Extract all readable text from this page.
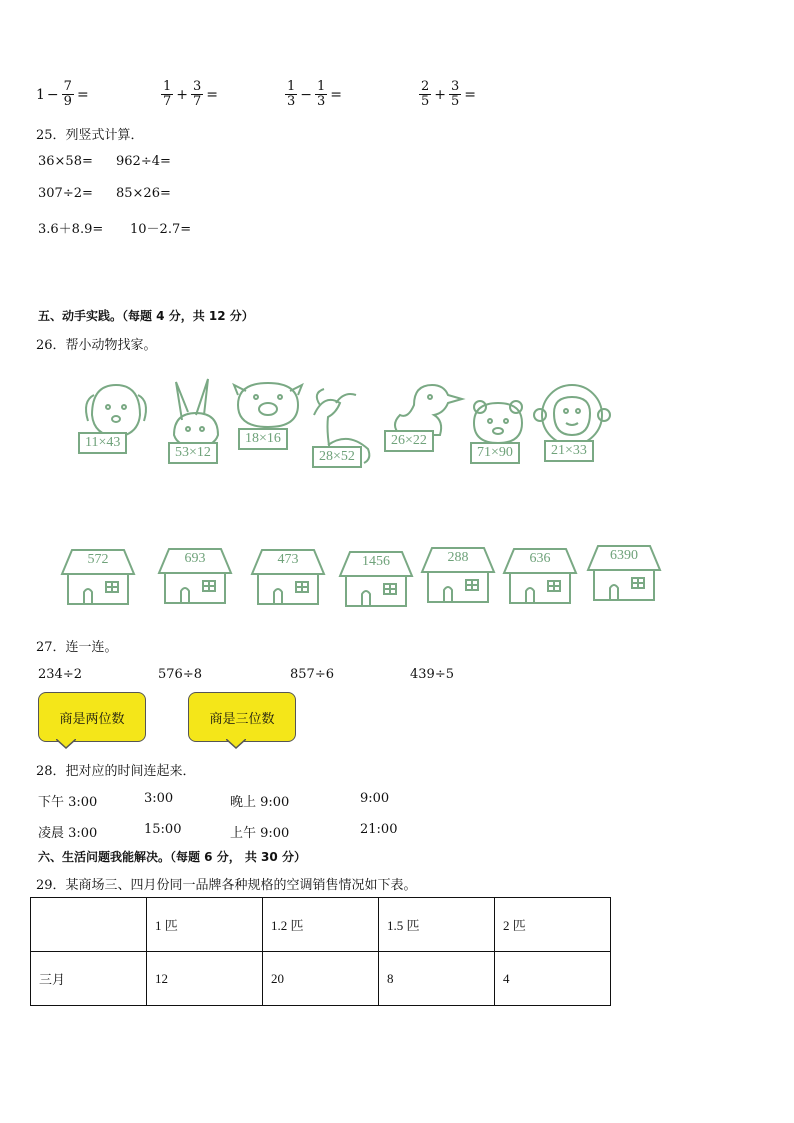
$1 - \frac{7}{9}$ =	$\frac{1}{7} + \frac{3}{7}$ =	$\frac{1}{3} - \frac{1}{3}$ =	$\frac{2}{5} + \frac{3}{5}$ =
25．列竖式计算．
36×58= 962÷4=
307÷2= 85×26=
3.6＋8.9= 10－2.7=
五、动手实践。（每题 4 分，共 12 分）
26．帮小动物找家。
11×43
53×12
18×16
28×52
26×22
71×90	21×33
572	693	473	1456	288	636	6390
27．连一连。
234÷2	576÷8	857÷6	439÷5
商是两位数	商是三位数
28．把对应的时间连起来．
下午 3:00	3:00	晚上 9:00	9:00
凌晨 3:00	15:00	上午 9:00	21:00
六、生活问题我能解决。（每题 6 分， 共 30 分）
29．某商场三、四月份同一品牌各种规格的空调销售情况如下表。
	1 匹	1.2 匹	1.5 匹	2 匹
三月	12	20	8	4
